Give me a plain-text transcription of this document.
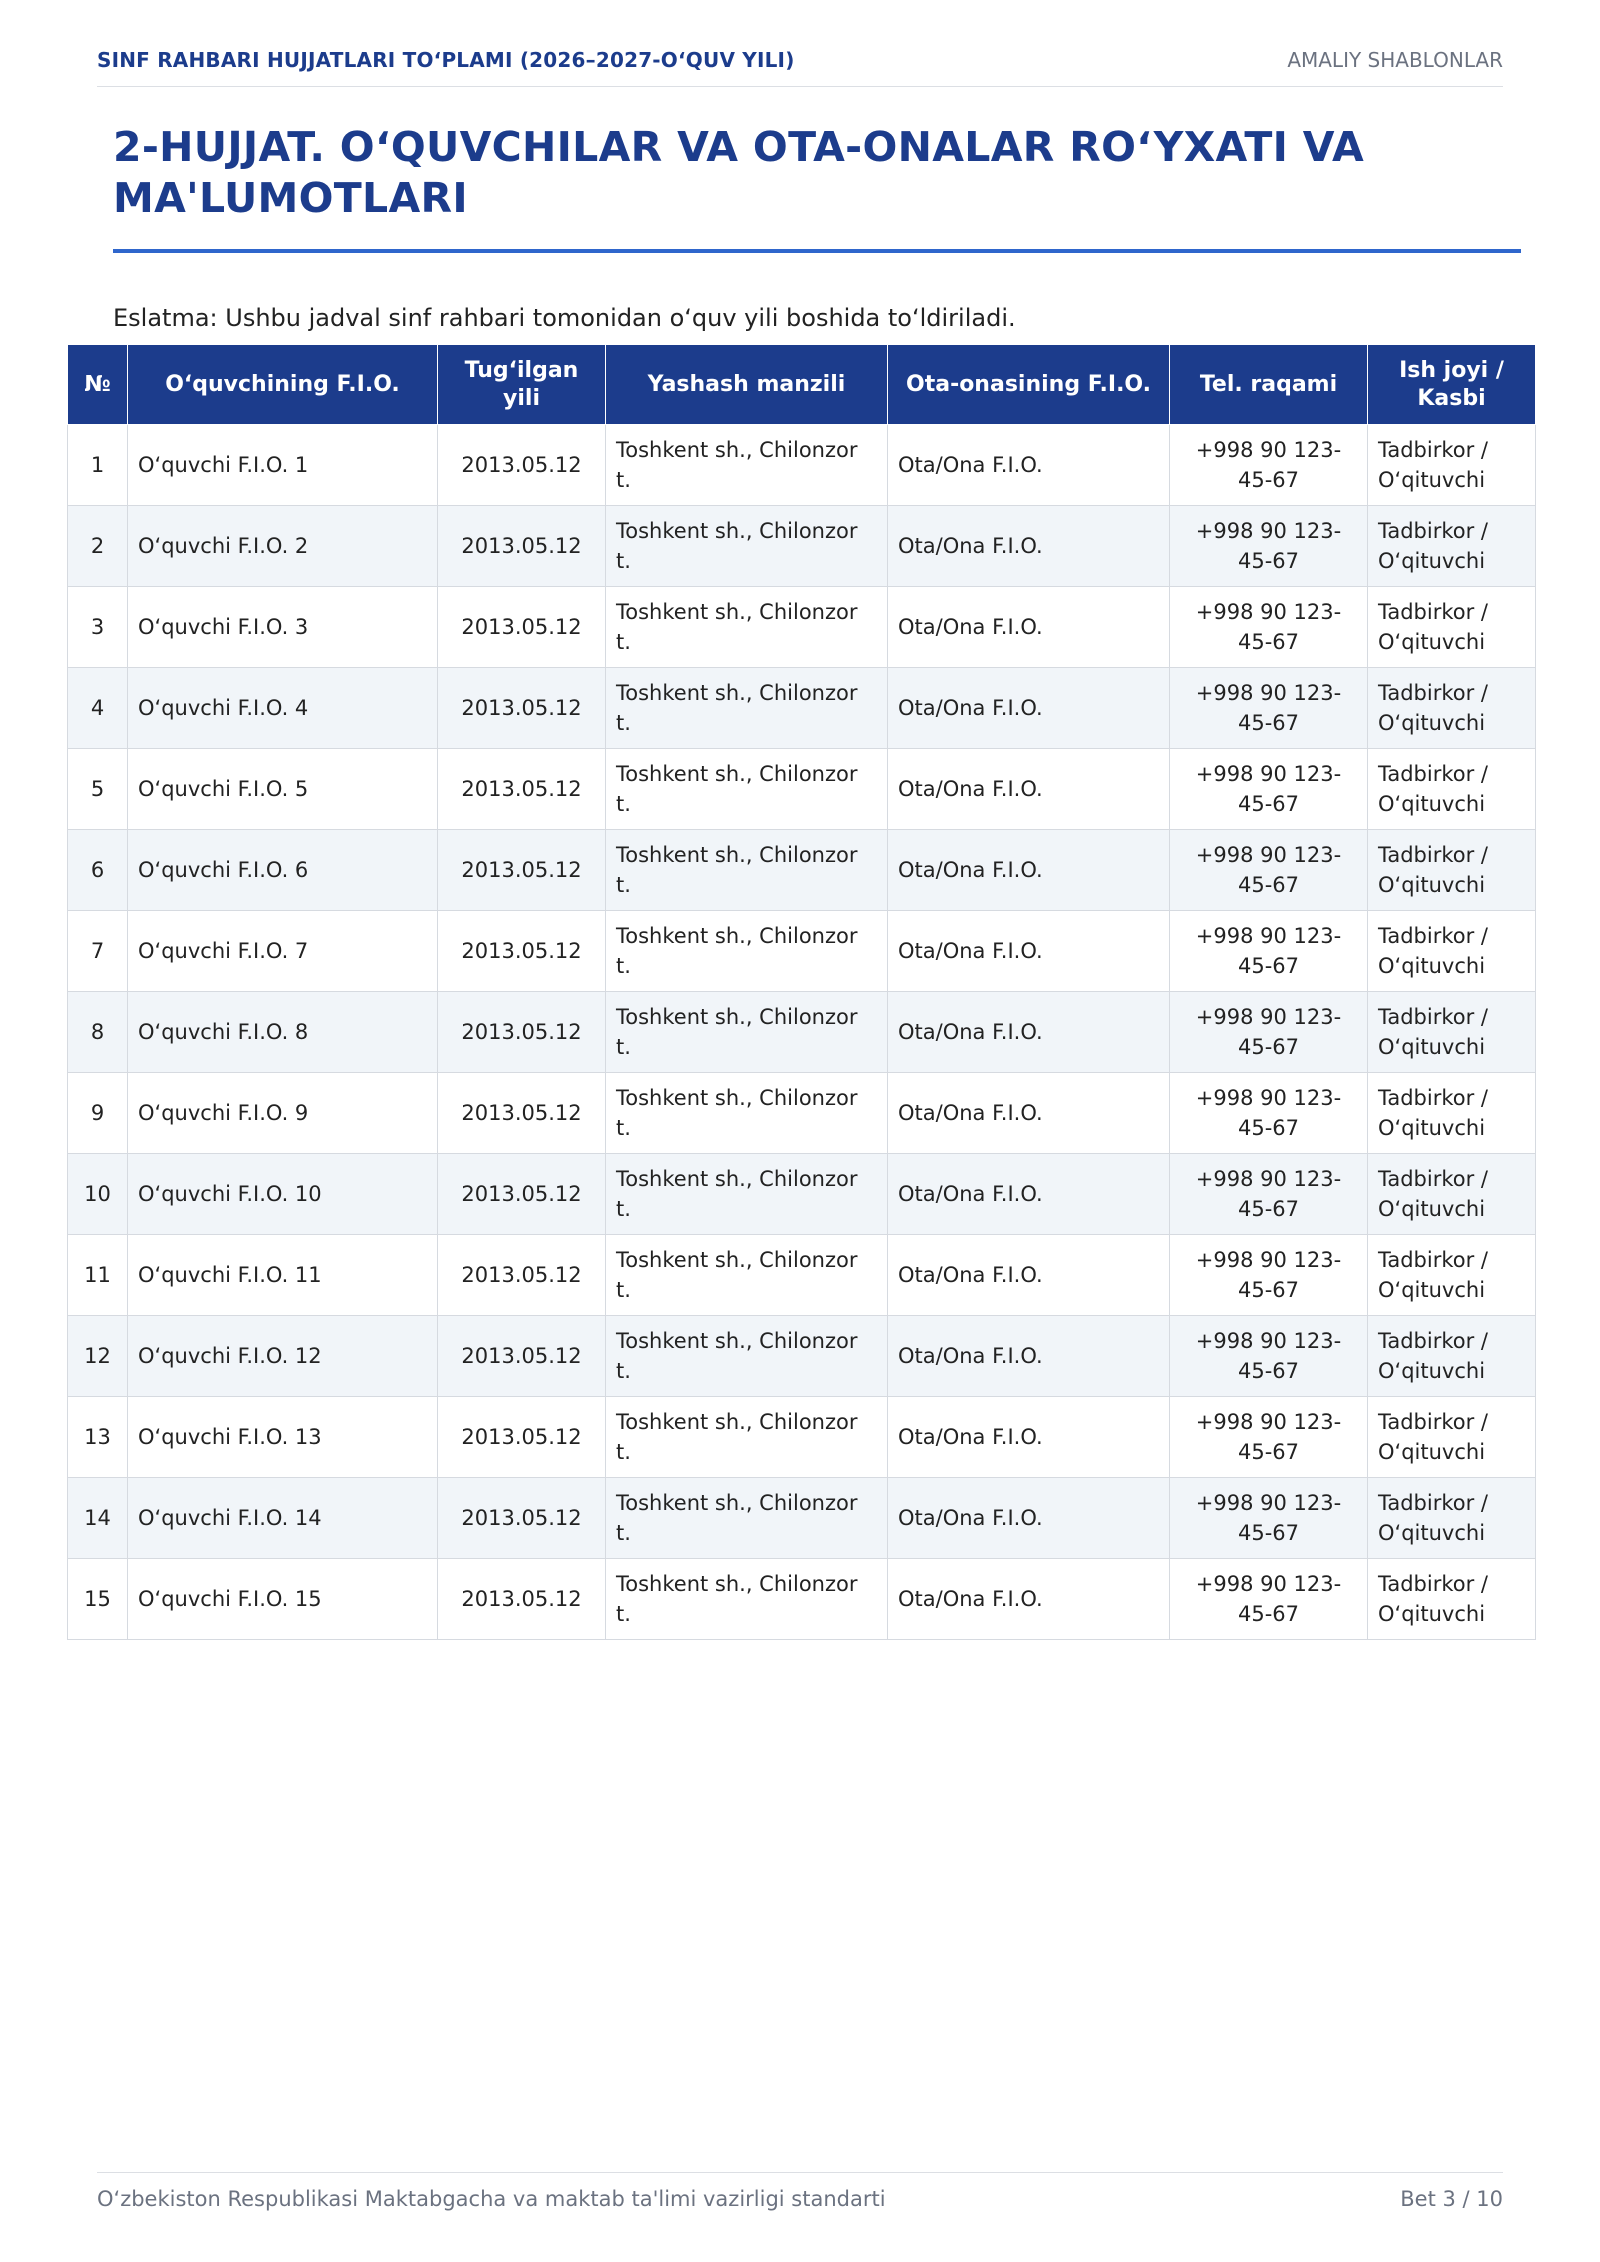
SINF RAHBARI HUJJATLARI TO‘PLAMI (2026–2027-O‘QUV YILI)	AMALIY SHABLONLAR
2-HUJJAT. O‘QUVCHILAR VA OTA-ONALAR RO‘YXATI VA MA'LUMOTLARI

Eslatma: Ushbu jadval sinf rahbari tomonidan o‘quv yili boshida to‘ldiriladi.

№	O‘quvchining F.I.O.	Tug‘ilgan yili	Yashash manzili	Ota-onasining F.I.O.	Tel. raqami	Ish joyi / Kasbi
1	O‘quvchi F.I.O. 1	2013.05.12	Toshkent sh., Chilonzor t.	Ota/Ona F.I.O.	+998 90 123-45-67	Tadbirkor / O‘qituvchi
2	O‘quvchi F.I.O. 2	2013.05.12	Toshkent sh., Chilonzor t.	Ota/Ona F.I.O.	+998 90 123-45-67	Tadbirkor / O‘qituvchi
3	O‘quvchi F.I.O. 3	2013.05.12	Toshkent sh., Chilonzor t.	Ota/Ona F.I.O.	+998 90 123-45-67	Tadbirkor / O‘qituvchi
4	O‘quvchi F.I.O. 4	2013.05.12	Toshkent sh., Chilonzor t.	Ota/Ona F.I.O.	+998 90 123-45-67	Tadbirkor / O‘qituvchi
5	O‘quvchi F.I.O. 5	2013.05.12	Toshkent sh., Chilonzor t.	Ota/Ona F.I.O.	+998 90 123-45-67	Tadbirkor / O‘qituvchi
6	O‘quvchi F.I.O. 6	2013.05.12	Toshkent sh., Chilonzor t.	Ota/Ona F.I.O.	+998 90 123-45-67	Tadbirkor / O‘qituvchi
7	O‘quvchi F.I.O. 7	2013.05.12	Toshkent sh., Chilonzor t.	Ota/Ona F.I.O.	+998 90 123-45-67	Tadbirkor / O‘qituvchi
8	O‘quvchi F.I.O. 8	2013.05.12	Toshkent sh., Chilonzor t.	Ota/Ona F.I.O.	+998 90 123-45-67	Tadbirkor / O‘qituvchi
9	O‘quvchi F.I.O. 9	2013.05.12	Toshkent sh., Chilonzor t.	Ota/Ona F.I.O.	+998 90 123-45-67	Tadbirkor / O‘qituvchi
10	O‘quvchi F.I.O. 10	2013.05.12	Toshkent sh., Chilonzor t.	Ota/Ona F.I.O.	+998 90 123-45-67	Tadbirkor / O‘qituvchi
11	O‘quvchi F.I.O. 11	2013.05.12	Toshkent sh., Chilonzor t.	Ota/Ona F.I.O.	+998 90 123-45-67	Tadbirkor / O‘qituvchi
12	O‘quvchi F.I.O. 12	2013.05.12	Toshkent sh., Chilonzor t.	Ota/Ona F.I.O.	+998 90 123-45-67	Tadbirkor / O‘qituvchi
13	O‘quvchi F.I.O. 13	2013.05.12	Toshkent sh., Chilonzor t.	Ota/Ona F.I.O.	+998 90 123-45-67	Tadbirkor / O‘qituvchi
14	O‘quvchi F.I.O. 14	2013.05.12	Toshkent sh., Chilonzor t.	Ota/Ona F.I.O.	+998 90 123-45-67	Tadbirkor / O‘qituvchi
15	O‘quvchi F.I.O. 15	2013.05.12	Toshkent sh., Chilonzor t.	Ota/Ona F.I.O.	+998 90 123-45-67	Tadbirkor / O‘qituvchi
O‘zbekiston Respublikasi Maktabgacha va maktab ta'limi vazirligi standarti	Bet 3 / 10
